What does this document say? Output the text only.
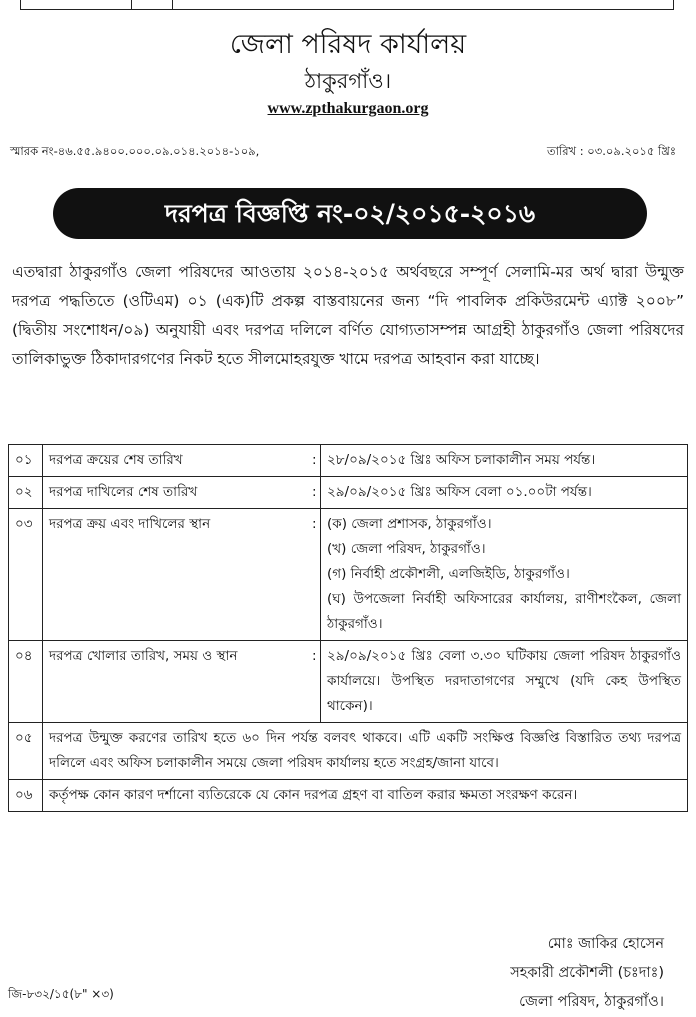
জেলা পরিষদ কার্যালয়
ঠাকুরগাঁও।
www.zpthakurgaon.org
স্মারক নং-৪৬.৫৫.৯৪০০.০০০.০৯.০১৪.২০১৪-১০৯,	তারিখ : ০৩.০৯.২০১৫ খ্রিঃ
দরপত্র বিজ্ঞপ্তি নং-০২/২০১৫-২০১৬
এতদ্বারা ঠাকুরগাঁও জেলা পরিষদের আওতায় ২০১৪-২০১৫ অর্থবছরে সম্পূর্ণ সেলামি-মর অর্থ দ্বারা উন্মুক্ত দরপত্র পদ্ধতিতে (ওটিএম) ০১ (এক)টি প্রকল্প বাস্তবায়নের জন্য “দি পাবলিক প্রকিউরমেন্ট এ্যাক্ট ২০০৮” (দ্বিতীয় সংশোধন/০৯) অনুযায়ী এবং দরপত্র দলিলে বর্ণিত যোগ্যতাসম্পন্ন আগ্রহী ঠাকুরগাঁও জেলা পরিষদের তালিকাভুক্ত ঠিকাদারগণের নিকট হতে সীলমোহরযুক্ত খামে দরপত্র আহবান করা যাচ্ছে।
০১	দরপত্র ক্রয়ের শেষ তারিখ	:	২৮/০৯/২০১৫ খ্রিঃ অফিস চলাকালীন সময় পর্যন্ত।

০২	দরপত্র দাখিলের শেষ তারিখ	:	২৯/০৯/২০১৫ খ্রিঃ অফিস বেলা ০১.০০টা পর্যন্ত।

০৩	দরপত্র ক্রয় এবং দাখিলের স্থান	:	(ক) জেলা প্রশাসক, ঠাকুরগাঁও।
(খ) জেলা পরিষদ, ঠাকুরগাঁও।
(গ) নির্বাহী প্রকৌশলী, এলজিইডি, ঠাকুরগাঁও।
(ঘ) উপজেলা নির্বাহী অফিসারের কার্যালয়, রাণীশংকৈল, জেলা ঠাকুরগাঁও।

০৪	দরপত্র খোলার তারিখ, সময় ও স্থান	:	২৯/০৯/২০১৫ খ্রিঃ বেলা ৩.৩০ ঘটিকায় জেলা পরিষদ ঠাকুরগাঁও কার্যালয়ে। উপস্থিত দরদাতাগণের সম্মুখে (যদি কেহ উপস্থিত থাকেন)।

০৫	দরপত্র উন্মুক্ত করণের তারিখ হতে ৬০ দিন পর্যন্ত বলবৎ থাকবে। এটি একটি সংক্ষিপ্ত বিজ্ঞপ্তি বিস্তারিত তথ্য দরপত্র দলিলে এবং অফিস চলাকালীন সময়ে জেলা পরিষদ কার্যালয় হতে সংগ্রহ/জানা যাবে।		
০৬	কর্তৃপক্ষ কোন কারণ দর্শানো ব্যতিরেকে যে কোন দরপত্র গ্রহণ বা বাতিল করার ক্ষমতা সংরক্ষণ করেন।		
মোঃ জাকির হোসেন
সহকারী প্রকৌশলী (চঃদাঃ)
জেলা পরিষদ, ঠাকুরগাঁও।
জি-৮৩২/১৫(৮" ×৩)
